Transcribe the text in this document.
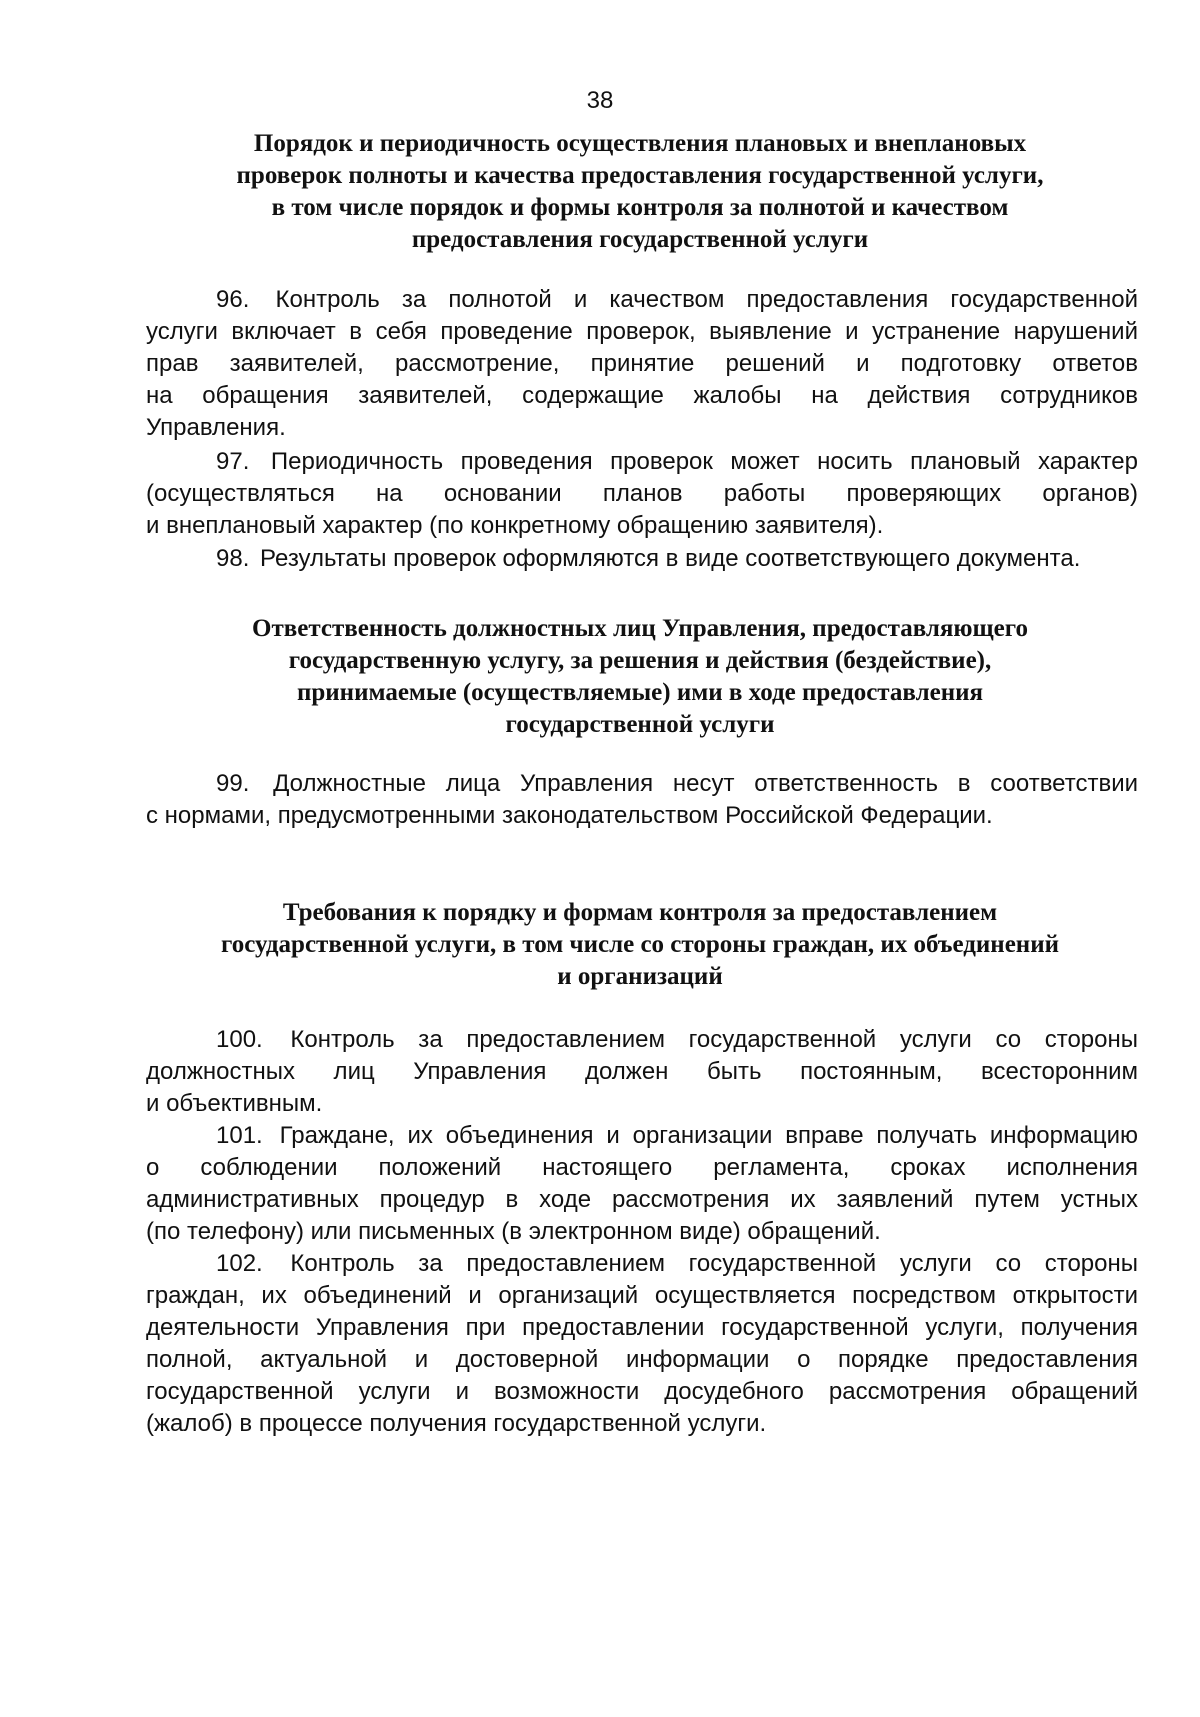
38
Порядок и периодичность осуществления плановых и внеплановых
проверок полноты и качества предоставления государственной услуги,
в том числе порядок и формы контроля за полнотой и качеством
предоставления государственной услуги
96. Контроль за полнотой и качеством предоставления государственной
услуги включает в себя проведение проверок, выявление и устранение нарушений
прав заявителей, рассмотрение, принятие решений и подготовку ответов
на обращения заявителей, содержащие жалобы на действия сотрудников
Управления.
97. Периодичность проведения проверок может носить плановый характер
(осуществляться на основании планов работы проверяющих органов)
и внеплановый характер (по конкретному обращению заявителя).
98. Результаты проверок оформляются в виде соответствующего документа.
Ответственность должностных лиц Управления, предоставляющего
государственную услугу, за решения и действия (бездействие),
принимаемые (осуществляемые) ими в ходе предоставления
государственной услуги
99. Должностные лица Управления несут ответственность в соответствии
с нормами, предусмотренными законодательством Российской Федерации.
Требования к порядку и формам контроля за предоставлением
государственной услуги, в том числе со стороны граждан, их объединений
и организаций
100. Контроль за предоставлением государственной услуги со стороны
должностных лиц Управления должен быть постоянным, всесторонним
и объективным.
101. Граждане, их объединения и организации вправе получать информацию
о соблюдении положений настоящего регламента, сроках исполнения
административных процедур в ходе рассмотрения их заявлений путем устных
(по телефону) или письменных (в электронном виде) обращений.
102. Контроль за предоставлением государственной услуги со стороны
граждан, их объединений и организаций осуществляется посредством открытости
деятельности Управления при предоставлении государственной услуги, получения
полной, актуальной и достоверной информации о порядке предоставления
государственной услуги и возможности досудебного рассмотрения обращений
(жалоб) в процессе получения государственной услуги.
